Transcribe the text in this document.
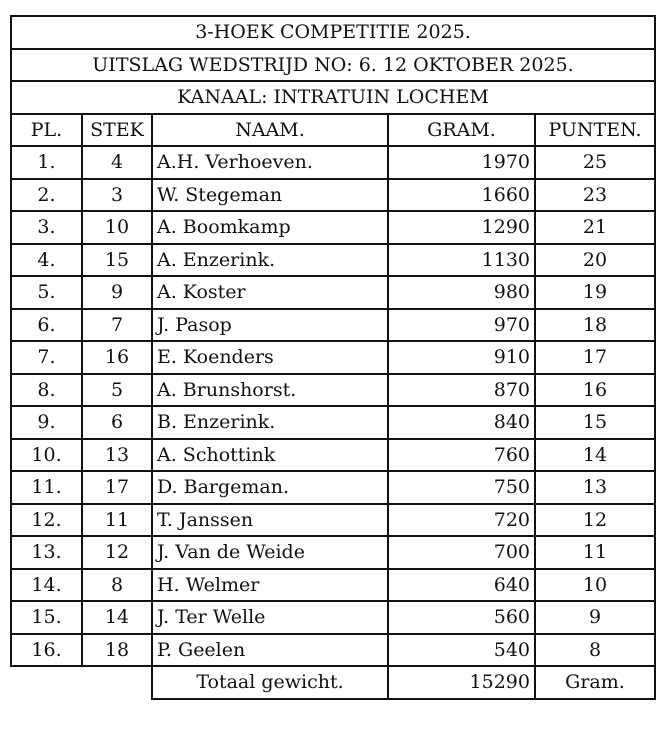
3-HOEK COMPETITIE 2025.				
UITSLAG WEDSTRIJD NO: 6. 12 OKTOBER 2025.				
KANAAL: INTRATUIN LOCHEM				
PL.	STEK	NAAM.	GRAM.	PUNTEN.
1.	4	A.H. Verhoeven.	1970	25
2.	3	W. Stegeman	1660	23
3.	10	A. Boomkamp	1290	21
4.	15	A. Enzerink.	1130	20
5.	9	A. Koster	980	19
6.	7	J. Pasop	970	18
7.	16	E. Koenders	910	17
8.	5	A. Brunshorst.	870	16
9.	6	B. Enzerink.	840	15
10.	13	A. Schottink	760	14
11.	17	D. Bargeman.	750	13
12.	11	T. Janssen	720	12
13.	12	J. Van de Weide	700	11
14.	8	H. Welmer	640	10
15.	14	J. Ter Welle	560	9
16.	18	P. Geelen	540	8
		Totaal gewicht.	15290	Gram.
